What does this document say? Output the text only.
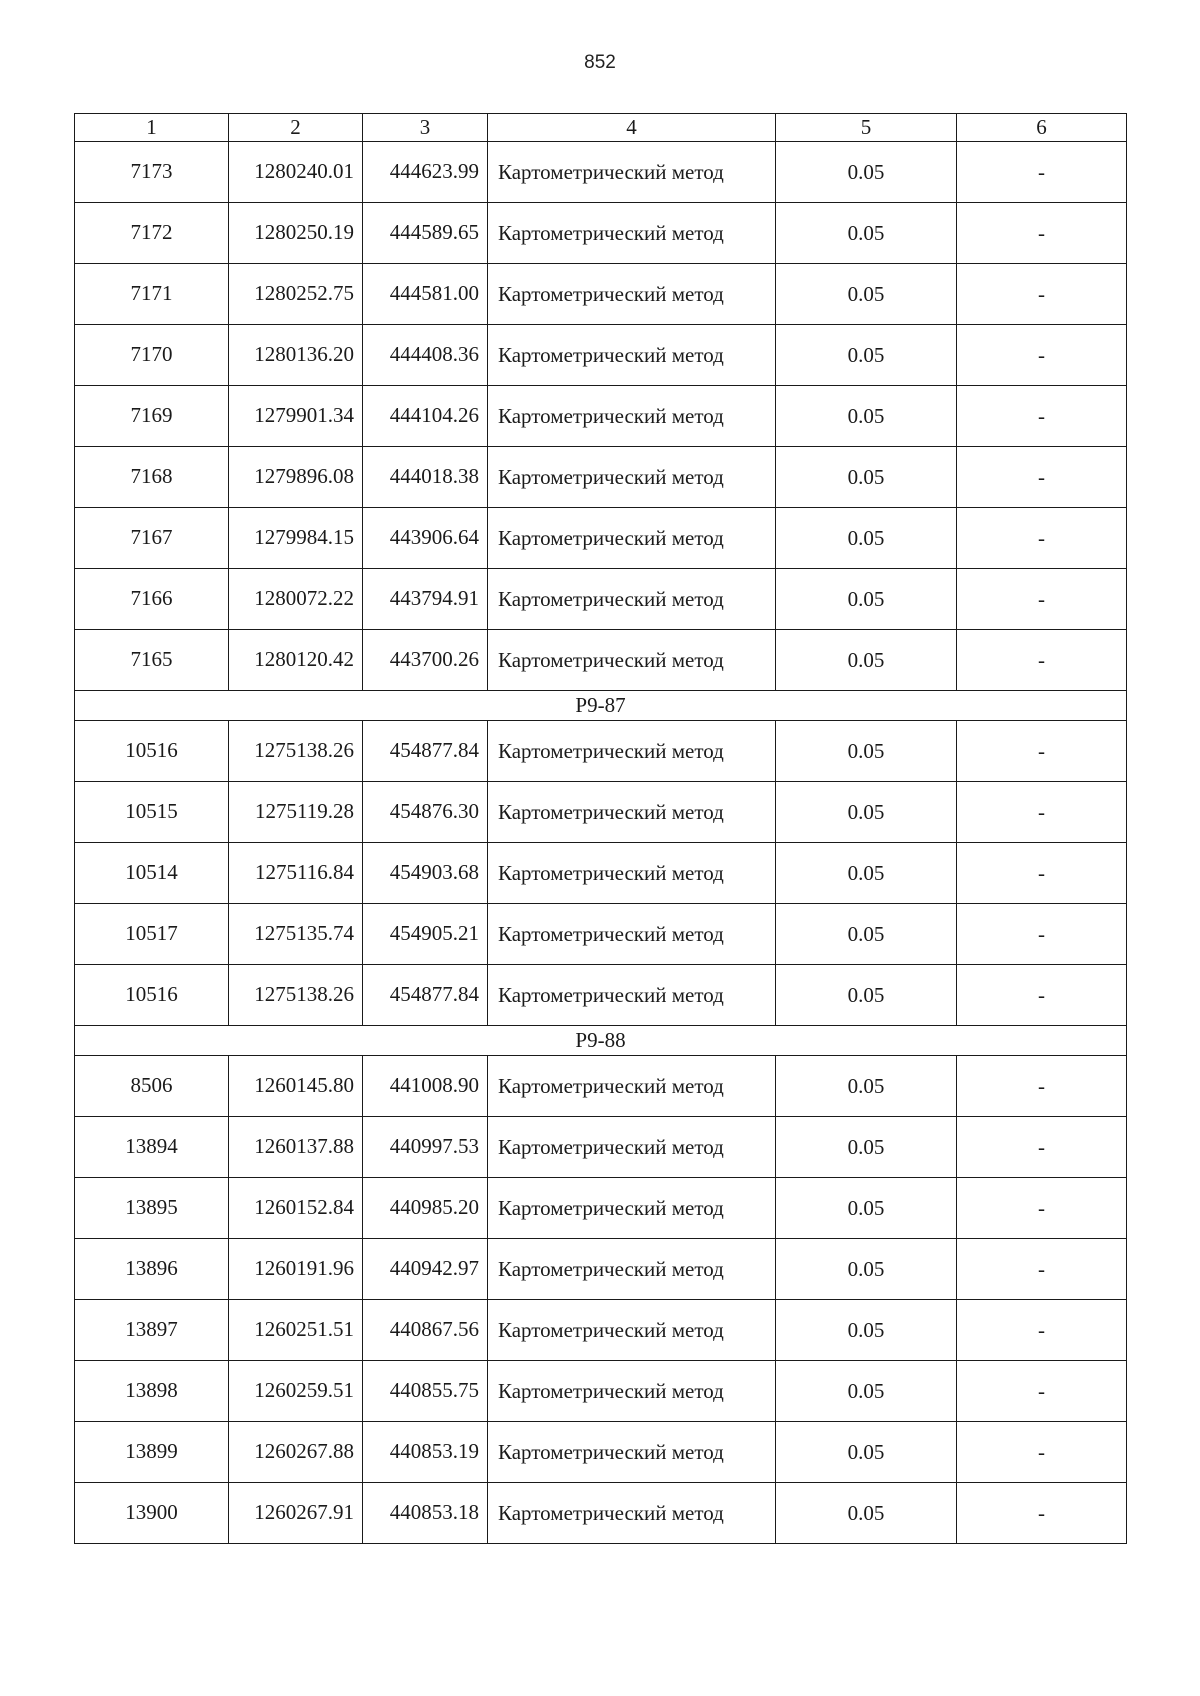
852
1	2	3	4	5	6
7173	1280240.01	444623.99	Картометрический метод	0.05	-
7172	1280250.19	444589.65	Картометрический метод	0.05	-
7171	1280252.75	444581.00	Картометрический метод	0.05	-
7170	1280136.20	444408.36	Картометрический метод	0.05	-
7169	1279901.34	444104.26	Картометрический метод	0.05	-
7168	1279896.08	444018.38	Картометрический метод	0.05	-
7167	1279984.15	443906.64	Картометрический метод	0.05	-
7166	1280072.22	443794.91	Картометрический метод	0.05	-
7165	1280120.42	443700.26	Картометрический метод	0.05	-
Р9-87					
10516	1275138.26	454877.84	Картометрический метод	0.05	-
10515	1275119.28	454876.30	Картометрический метод	0.05	-
10514	1275116.84	454903.68	Картометрический метод	0.05	-
10517	1275135.74	454905.21	Картометрический метод	0.05	-
10516	1275138.26	454877.84	Картометрический метод	0.05	-
Р9-88					
8506	1260145.80	441008.90	Картометрический метод	0.05	-
13894	1260137.88	440997.53	Картометрический метод	0.05	-
13895	1260152.84	440985.20	Картометрический метод	0.05	-
13896	1260191.96	440942.97	Картометрический метод	0.05	-
13897	1260251.51	440867.56	Картометрический метод	0.05	-
13898	1260259.51	440855.75	Картометрический метод	0.05	-
13899	1260267.88	440853.19	Картометрический метод	0.05	-
13900	1260267.91	440853.18	Картометрический метод	0.05	-
